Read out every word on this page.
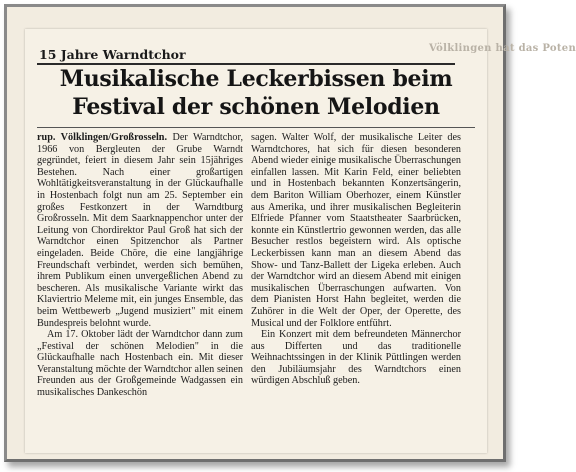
Völklingen hat das Poten
15 Jahre Warndtchor
Musikalische Leckerbissen beim Festival der schönen Melodien

rup. Völklingen/Großrosseln. Der Warndtchor, 1966 von Bergleuten der Grube Warndt gegründet, feiert in diesem Jahr sein 15jähriges Bestehen. Nach einer großartigen Wohltätigkeitsveranstaltung in der Glückaufhalle in Hostenbach folgt nun am 25. September ein großes Festkonzert in der Warndtburg Großrosseln. Mit dem Saarknappenchor unter der Leitung von Chordirektor Paul Groß hat sich der Warndtchor einen Spitzenchor als Partner eingeladen. Beide Chöre, die eine langjährige Freundschaft verbindet, werden sich bemühen, ihrem Publikum einen unvergeßlichen Abend zu bescheren. Als musikalische Variante wirkt das Klaviertrio Meleme mit, ein junges Ensemble, das beim Wettbewerb „Jugend musiziert" mit einem Bundespreis belohnt wurde.

Am 17. Oktober lädt der Warndtchor dann zum „Festival der schönen Melodien" in die Glückaufhalle nach Hostenbach ein. Mit dieser Veranstaltung möchte der Warndtchor allen seinen Freunden aus der Großgemeinde Wadgassen ein musikalisches Dankeschön

sagen. Walter Wolf, der musikalische Leiter des Warndtchores, hat sich für diesen besonderen Abend wieder einige musikalische Überraschungen einfallen lassen. Mit Karin Feld, einer beliebten und in Hostenbach bekannten Konzertsängerin, dem Bariton William Oberhozer, einem Künstler aus Amerika, und ihrer musikalischen Begleiterin Elfriede Pfanner vom Staatstheater Saarbrücken, konnte ein Künstlertrio gewonnen werden, das alle Besucher restlos begeistern wird. Als optische Leckerbissen kann man an diesem Abend das Show- und Tanz-Ballett der Ligeka erleben. Auch der Warndtchor wird an diesem Abend mit einigen musikalischen Überraschungen aufwarten. Von dem Pianisten Horst Hahn begleitet, werden die Zuhörer in die Welt der Oper, der Operette, des Musical und der Folklore entführt.

Ein Konzert mit dem befreundeten Männerchor aus Differten und das traditionelle Weihnachtssingen in der Klinik Püttlingen werden den Jubiläumsjahr des Warndtchors einen würdigen Abschluß geben.
